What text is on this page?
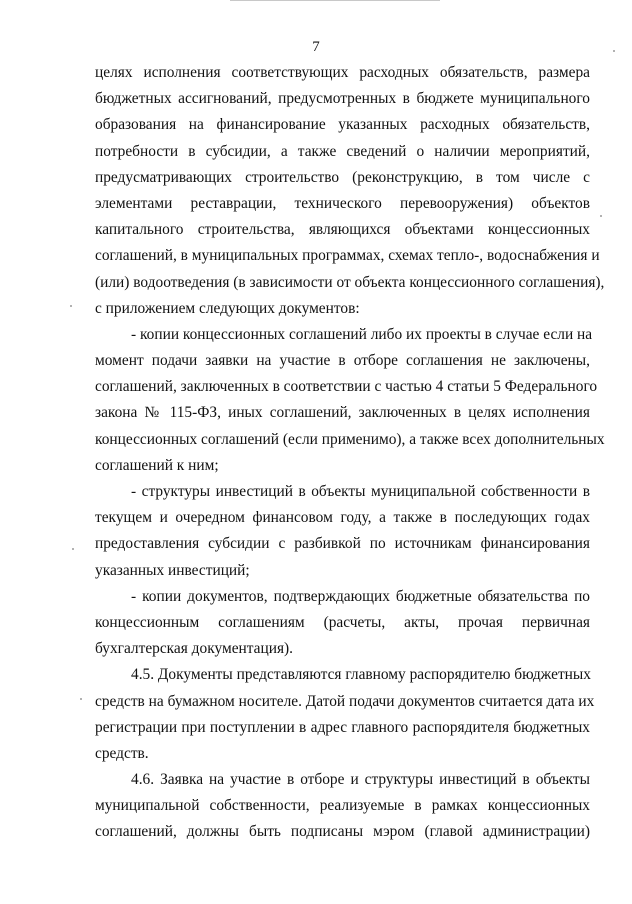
7
целях исполнения соответствующих расходных обязательств, размера
бюджетных ассигнований, предусмотренных в бюджете муниципального
образования на финансирование указанных расходных обязательств,
потребности в субсидии, а также сведений о наличии мероприятий,
предусматривающих строительство (реконструкцию, в том числе с
элементами реставрации, технического перевооружения) объектов
капитального строительства, являющихся объектами концессионных
соглашений, в муниципальных программах, схемах тепло-, водоснабжения и
(или) водоотведения (в зависимости от объекта концессионного соглашения),
с приложением следующих документов:
- копии концессионных соглашений либо их проекты в случае если на
момент подачи заявки на участие в отборе соглашения не заключены,
соглашений, заключенных в соответствии с частью 4 статьи 5 Федерального
закона № 115-ФЗ, иных соглашений, заключенных в целях исполнения
концессионных соглашений (если применимо), а также всех дополнительных
соглашений к ним;
- структуры инвестиций в объекты муниципальной собственности в
текущем и очередном финансовом году, а также в последующих годах
предоставления субсидии с разбивкой по источникам финансирования
указанных инвестиций;
- копии документов, подтверждающих бюджетные обязательства по
концессионным соглашениям (расчеты, акты, прочая первичная
бухгалтерская документация).
4.5. Документы представляются главному распорядителю бюджетных
средств на бумажном носителе. Датой подачи документов считается дата их
регистрации при поступлении в адрес главного распорядителя бюджетных
средств.
4.6. Заявка на участие в отборе и структуры инвестиций в объекты
муниципальной собственности, реализуемые в рамках концессионных
соглашений, должны быть подписаны мэром (главой администрации)
